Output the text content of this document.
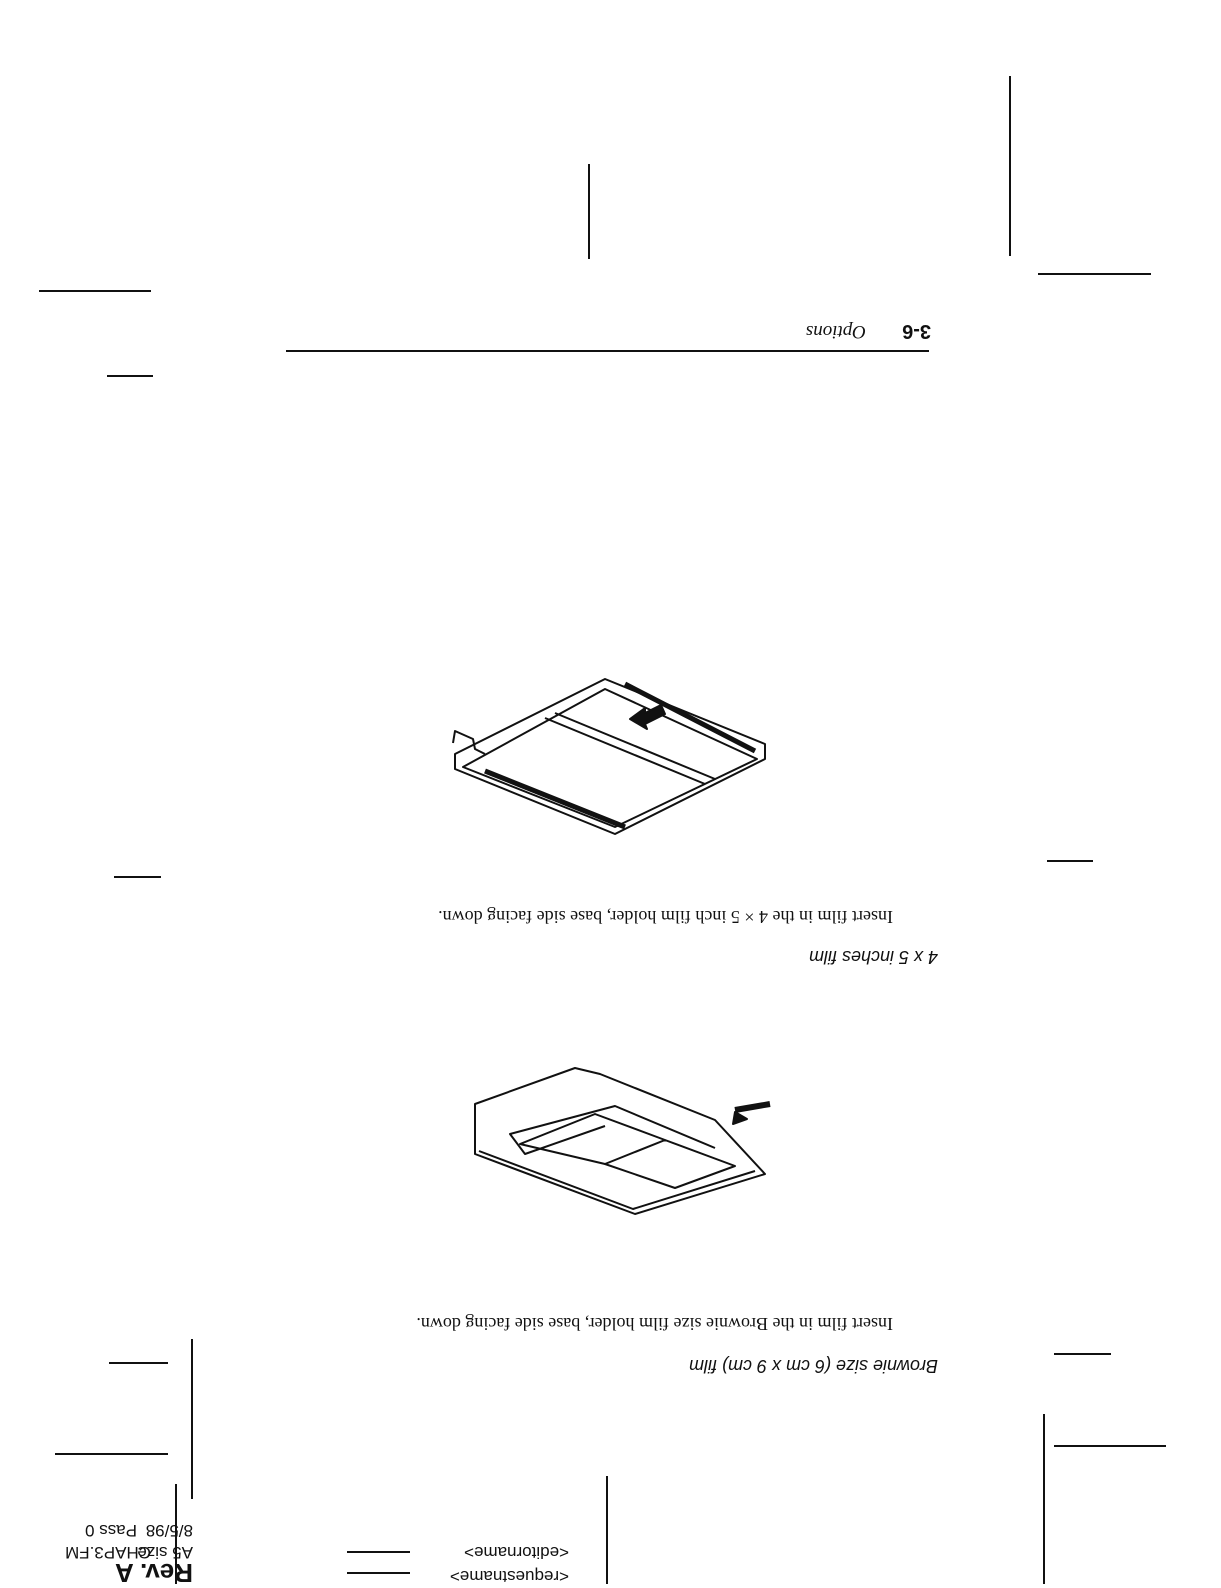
Rev. A
A5 size
8/5/98
CHAP3.FM
Pass 0
<editorname>
<requestname>
Brownie size (6 cm x 9 cm) film
Insert film in the Brownie size film holder, base side facing down.
4 x 5 inches film
Insert film in the 4 × 5 inch film holder, base side facing down.
3-6
Options
